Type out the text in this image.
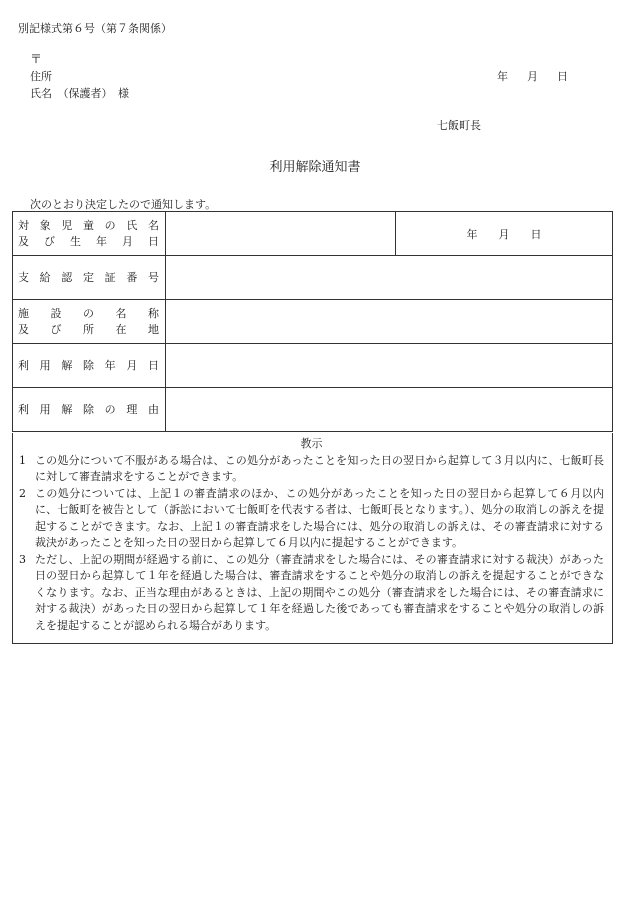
別記様式第６号（第７条関係）
〒
住所
氏名　（保護者）　様
年 月 日
七飯町長
利用解除通知書
次のとおり決定したので通知します。
対象児童の氏名
及び生年月日		年 月 日

支給認定証番号		

施設の名称
及び所在地		

利用解除年月日		

利用解除の理由		

教示
1 この処分について不服がある場合は、この処分があったことを知った日の翌日から起算して３月以内に、七飯町長に対して審査請求をすることができます。
2 この処分については、上記１の審査請求のほか、この処分があったことを知った日の翌日から起算して６月以内に、七飯町を被告として（訴訟において七飯町を代表する者は、七飯町長となります。）、処分の取消しの訴えを提起することができます。なお、上記１の審査請求をした場合には、処分の取消しの訴えは、その審査請求に対する裁決があったことを知った日の翌日から起算して６月以内に提起することができます。
3 ただし、上記の期間が経過する前に、この処分（審査請求をした場合には、その審査請求に対する裁決）があった日の翌日から起算して１年を経過した場合は、審査請求をすることや処分の取消しの訴えを提起することができなくなります。なお、正当な理由があるときは、上記の期間やこの処分（審査請求をした場合には、その審査請求に対する裁決）があった日の翌日から起算して１年を経過した後であっても審査請求をすることや処分の取消しの訴えを提起することが認められる場合があります。
